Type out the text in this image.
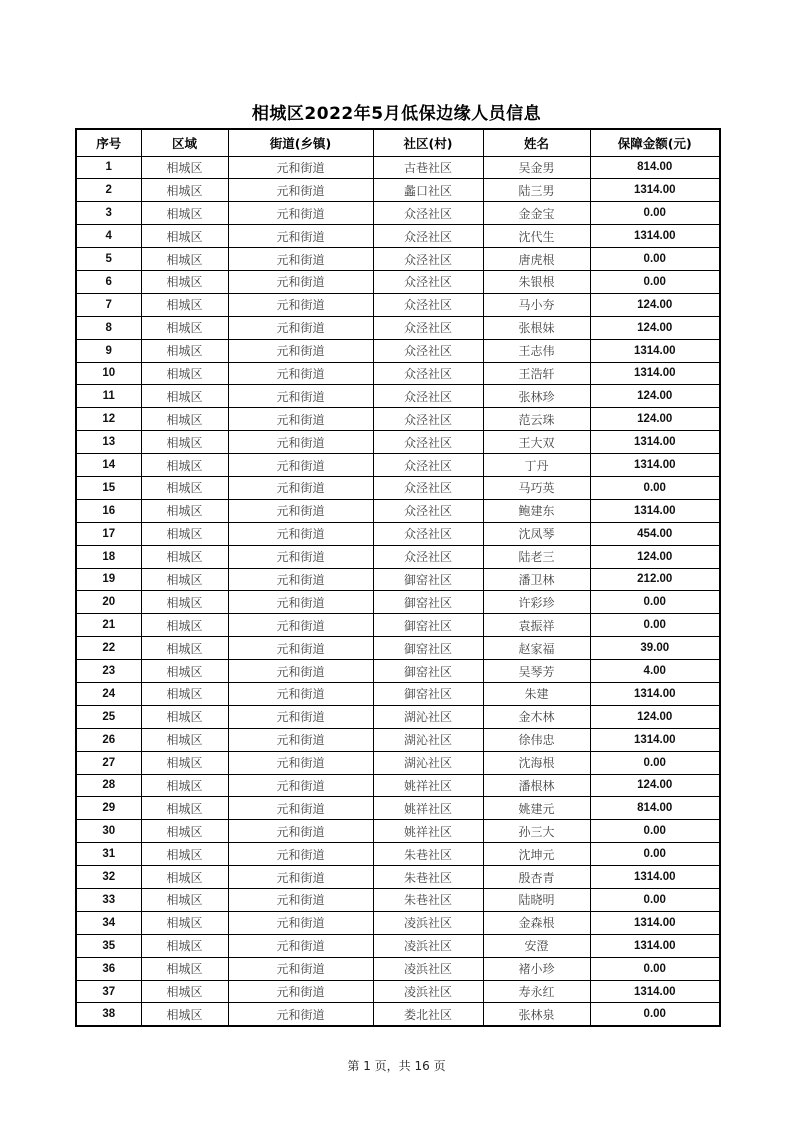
相城区2022年5月低保边缘人员信息
序号	区域	街道(乡镇)	社区(村)	姓名	保障金额(元)
1	相城区	元和街道	古巷社区	吴金男	814.00
2	相城区	元和街道	蠡口社区	陆三男	1314.00
3	相城区	元和街道	众泾社区	金金宝	0.00
4	相城区	元和街道	众泾社区	沈代生	1314.00
5	相城区	元和街道	众泾社区	唐虎根	0.00
6	相城区	元和街道	众泾社区	朱银根	0.00
7	相城区	元和街道	众泾社区	马小夯	124.00
8	相城区	元和街道	众泾社区	张根妹	124.00
9	相城区	元和街道	众泾社区	王志伟	1314.00
10	相城区	元和街道	众泾社区	王浩轩	1314.00
11	相城区	元和街道	众泾社区	张林珍	124.00
12	相城区	元和街道	众泾社区	范云珠	124.00
13	相城区	元和街道	众泾社区	王大双	1314.00
14	相城区	元和街道	众泾社区	丁丹	1314.00
15	相城区	元和街道	众泾社区	马巧英	0.00
16	相城区	元和街道	众泾社区	鲍建东	1314.00
17	相城区	元和街道	众泾社区	沈凤琴	454.00
18	相城区	元和街道	众泾社区	陆老三	124.00
19	相城区	元和街道	御窑社区	潘卫林	212.00
20	相城区	元和街道	御窑社区	许彩珍	0.00
21	相城区	元和街道	御窑社区	袁振祥	0.00
22	相城区	元和街道	御窑社区	赵家福	39.00
23	相城区	元和街道	御窑社区	吴琴芳	4.00
24	相城区	元和街道	御窑社区	朱建	1314.00
25	相城区	元和街道	湖沁社区	金木林	124.00
26	相城区	元和街道	湖沁社区	徐伟忠	1314.00
27	相城区	元和街道	湖沁社区	沈海根	0.00
28	相城区	元和街道	姚祥社区	潘根林	124.00
29	相城区	元和街道	姚祥社区	姚建元	814.00
30	相城区	元和街道	姚祥社区	孙三大	0.00
31	相城区	元和街道	朱巷社区	沈坤元	0.00
32	相城区	元和街道	朱巷社区	殷杏青	1314.00
33	相城区	元和街道	朱巷社区	陆晓明	0.00
34	相城区	元和街道	凌浜社区	金森根	1314.00
35	相城区	元和街道	凌浜社区	安澄	1314.00
36	相城区	元和街道	凌浜社区	褚小珍	0.00
37	相城区	元和街道	凌浜社区	寿永红	1314.00
38	相城区	元和街道	娄北社区	张林泉	0.00
第 1 页，共 16 页
